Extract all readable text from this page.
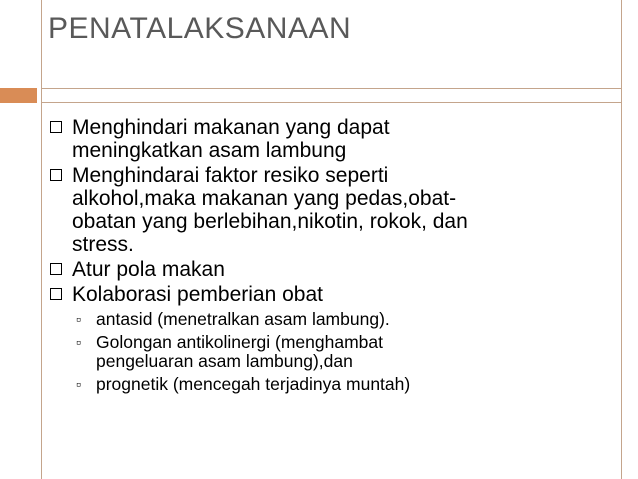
PENATALAKSANAAN
Menghindari makanan yang dapat
meningkatkan asam lambung
Menghindarai faktor resiko seperti
alkohol,maka makanan yang pedas,obat-
obatan yang berlebihan,nikotin, rokok, dan
stress.
Atur pola makan
Kolaborasi pemberian obat
▫ antasid (menetralkan asam lambung).
▫ Golongan antikolinergi (menghambat
pengeluaran asam lambung),dan
▫ prognetik (mencegah terjadinya muntah)
